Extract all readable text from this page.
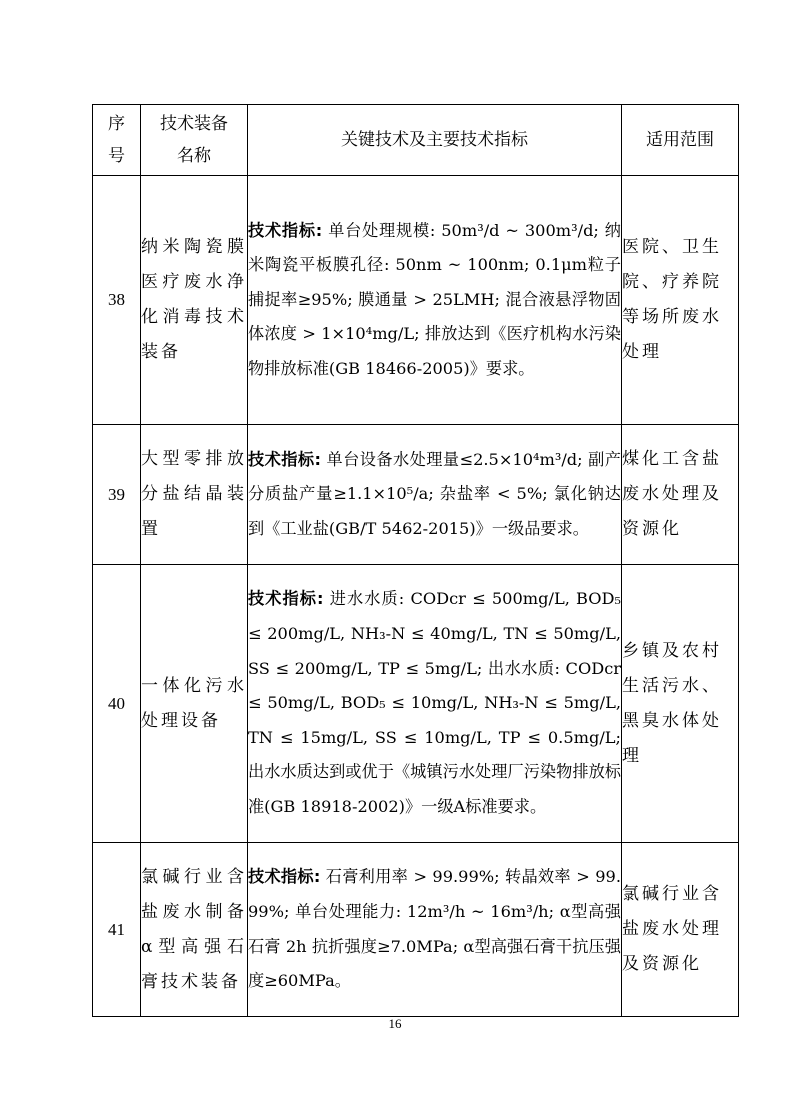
序号	技术装备名称	关键技术及主要技术指标	适用范围
38	纳米陶瓷膜医疗废水净化消毒技术装备	技术指标: 单台处理规模: 50m³/d ~ 300m³/d; 纳米陶瓷平板膜孔径: 50nm ~ 100nm; 0.1μm粒子捕捉率≥95%; 膜通量 > 25LMH; 混合液悬浮物固体浓度 > 1×10⁴mg/L; 排放达到《医疗机构水污染物排放标准(GB 18466-2005)》要求。	医院、卫生院、疗养院等场所废水处理
39	大型零排放分盐结晶装置	技术指标: 单台设备水处理量≤2.5×10⁴m³/d; 副产分质盐产量≥1.1×10⁵/a; 杂盐率 < 5%; 氯化钠达到《工业盐(GB/T 5462-2015)》一级品要求。	煤化工含盐废水处理及资源化
40	一体化污水处理设备	技术指标: 进水水质: CODcr ≤ 500mg/L, BOD₅ ≤ 200mg/L, NH₃-N ≤ 40mg/L, TN ≤ 50mg/L, SS ≤ 200mg/L, TP ≤ 5mg/L; 出水水质: CODcr ≤ 50mg/L, BOD₅ ≤ 10mg/L, NH₃-N ≤ 5mg/L, TN ≤ 15mg/L, SS ≤ 10mg/L, TP ≤ 0.5mg/L; 出水水质达到或优于《城镇污水处理厂污染物排放标准(GB 18918-2002)》一级A标准要求。	乡镇及农村生活污水、黑臭水体处理
41	氯碱行业含盐废水制备α型高强石膏技术装备	技术指标: 石膏利用率 > 99.99%; 转晶效率 > 99.99%; 单台处理能力: 12m³/h ~ 16m³/h; α型高强石膏 2h 抗折强度≥7.0MPa; α型高强石膏干抗压强度≥60MPa。	氯碱行业含盐废水处理及资源化
16
